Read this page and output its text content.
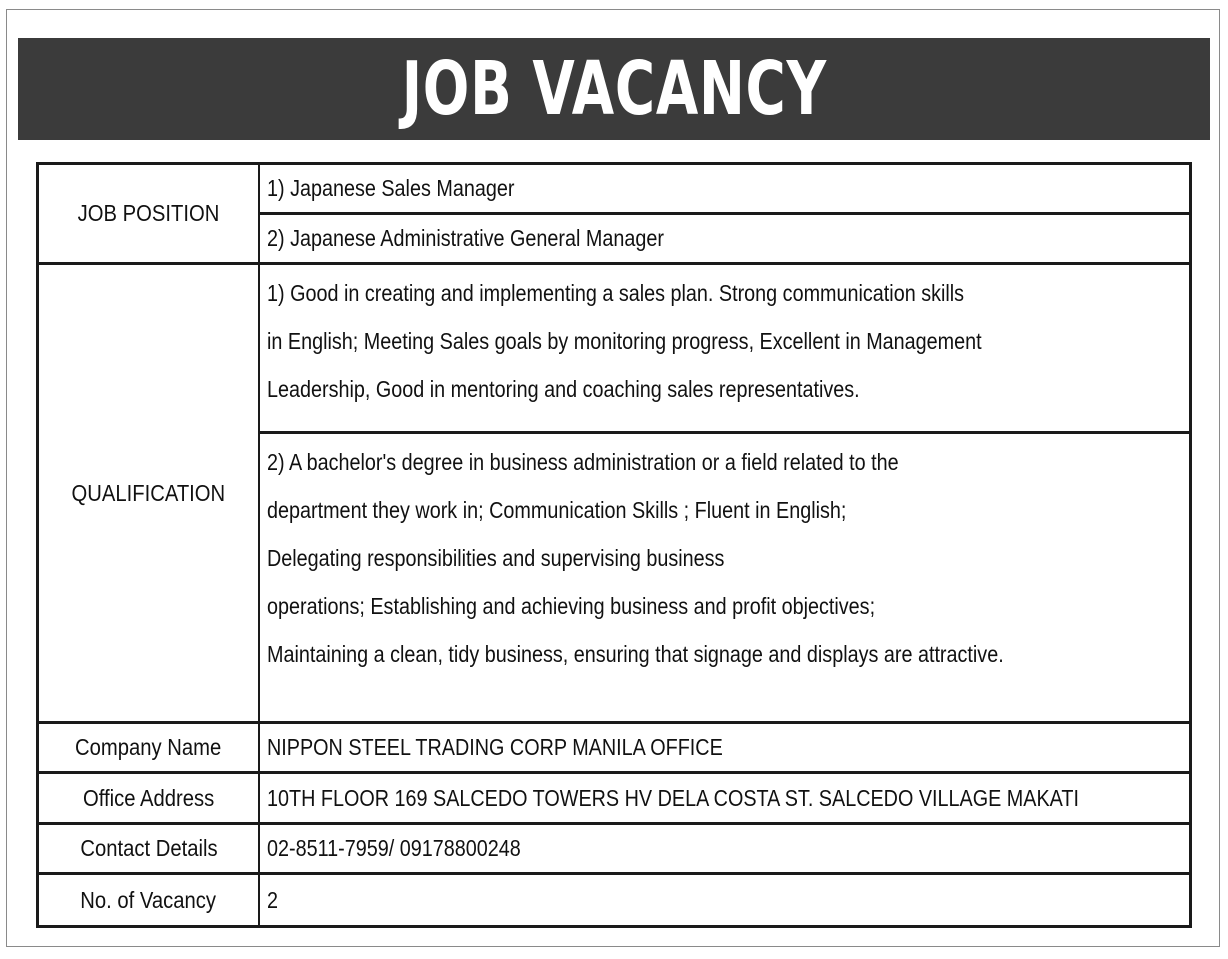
JOB VACANCY
JOB POSITION
1) Japanese Sales Manager
2) Japanese Administrative General Manager
QUALIFICATION
1) Good in creating and implementing a sales plan. Strong communication skills
in English; Meeting Sales goals by monitoring progress, Excellent in Management
Leadership, Good in mentoring and coaching sales representatives.
2) A bachelor's degree in business administration or a field related to the
department they work in; Communication Skills ; Fluent in English;
Delegating responsibilities and supervising business
operations; Establishing and achieving business and profit objectives;
Maintaining a clean, tidy business, ensuring that signage and displays are attractive.
Company Name NIPPON STEEL TRADING CORP MANILA OFFICE
Office Address 10TH FLOOR 169 SALCEDO TOWERS HV DELA COSTA ST. SALCEDO VILLAGE MAKATI
Contact Details 02-8511-7959/ 09178800248
No. of Vacancy 2
